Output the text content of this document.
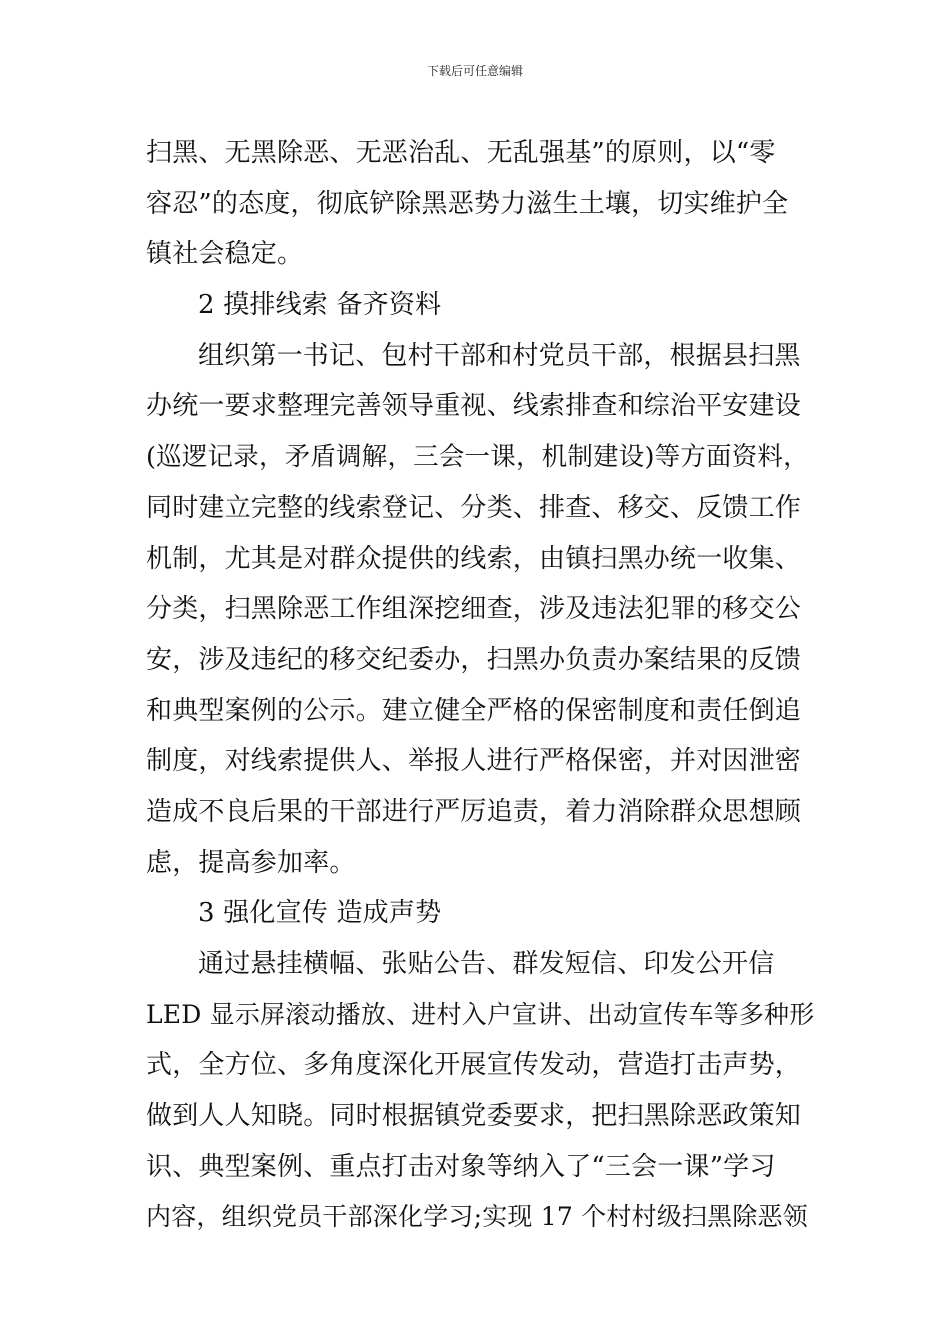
下载后可任意编辑
扫黑、无黑除恶、无恶治乱、无乱强基”的原则，以“零
容忍”的态度，彻底铲除黑恶势力滋生土壤，切实维护全
镇社会稳定。
2 摸排线索 备齐资料
组织第一书记、包村干部和村党员干部，根据县扫黑
办统一要求整理完善领导重视、线索排查和综治平安建设
(巡逻记录，矛盾调解，三会一课，机制建设)等方面资料，
同时建立完整的线索登记、分类、排查、移交、反馈工作
机制，尤其是对群众提供的线索，由镇扫黑办统一收集、
分类，扫黑除恶工作组深挖细查，涉及违法犯罪的移交公
安，涉及违纪的移交纪委办，扫黑办负责办案结果的反馈
和典型案例的公示。建立健全严格的保密制度和责任倒追
制度，对线索提供人、举报人进行严格保密，并对因泄密
造成不良后果的干部进行严厉追责，着力消除群众思想顾
虑，提高参加率。
3 强化宣传 造成声势
通过悬挂横幅、张贴公告、群发短信、印发公开信
LED 显示屏滚动播放、进村入户宣讲、出动宣传车等多种形
式，全方位、多角度深化开展宣传发动，营造打击声势，
做到人人知晓。同时根据镇党委要求，把扫黑除恶政策知
识、典型案例、重点打击对象等纳入了“三会一课”学习
内容，组织党员干部深化学习;实现 17 个村村级扫黑除恶领
